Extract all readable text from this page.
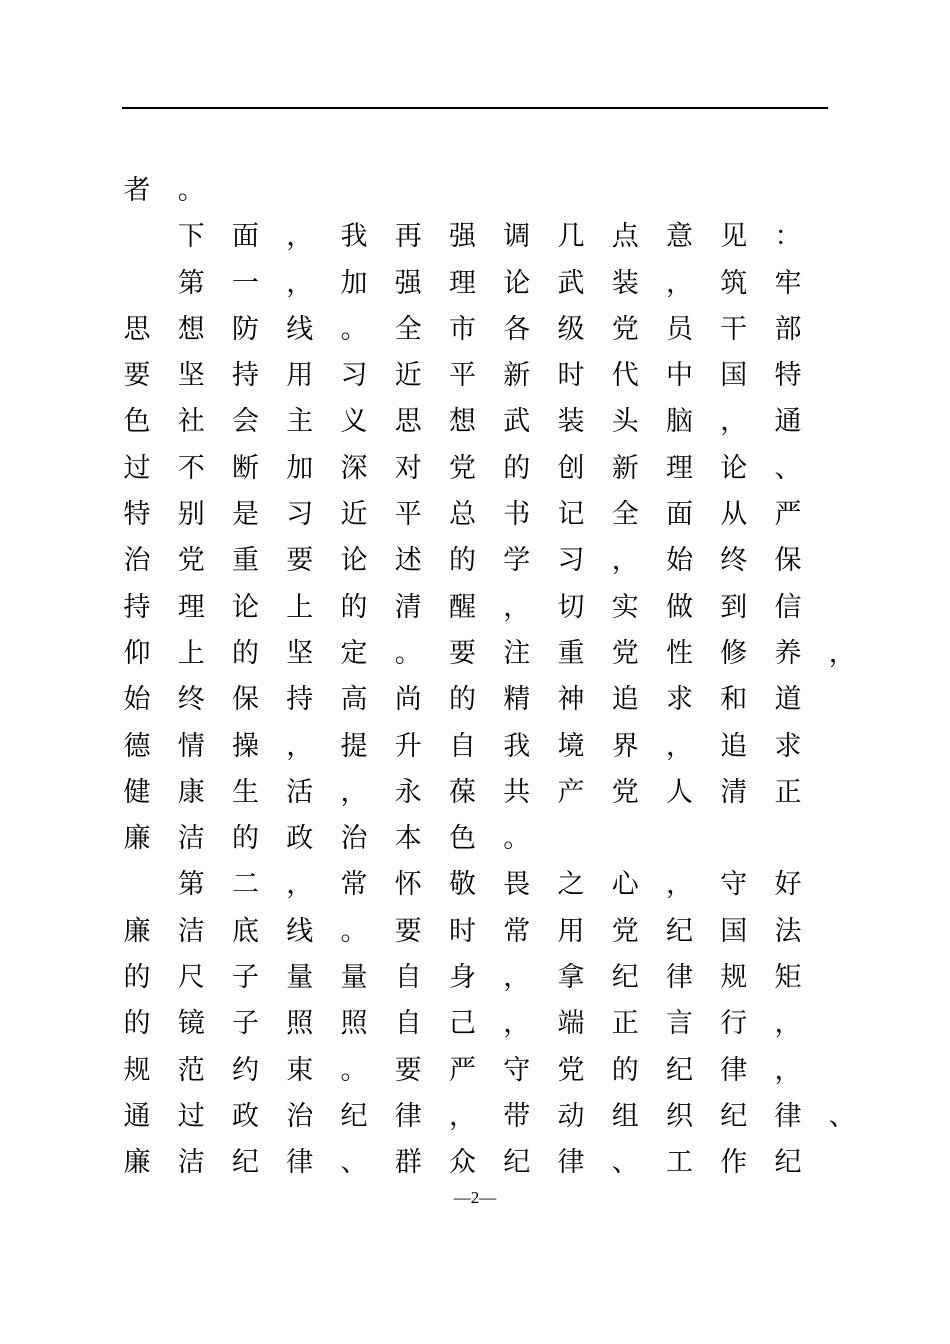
者 。
下 面 ， 我 再 强 调 几 点 意 见 ：
第 一 ， 加 强 理 论 武 装 ， 筑 牢
思 想 防 线 。 全 市 各 级 党 员 干 部
要 坚 持 用 习 近 平 新 时 代 中 国 特
色 社 会 主 义 思 想 武 装 头 脑 ， 通
过 不 断 加 深 对 党 的 创 新 理 论 、
特 别 是 习 近 平 总 书 记 全 面 从 严
治 党 重 要 论 述 的 学 习 ， 始 终 保
持 理 论 上 的 清 醒 ， 切 实 做 到 信
仰 上 的 坚 定 。 要 注 重 党 性 修 养 ，
始 终 保 持 高 尚 的 精 神 追 求 和 道
德 情 操 ， 提 升 自 我 境 界 ， 追 求
健 康 生 活 ， 永 葆 共 产 党 人 清 正
廉 洁 的 政 治 本 色 。
第 二 ， 常 怀 敬 畏 之 心 ， 守 好
廉 洁 底 线 。 要 时 常 用 党 纪 国 法
的 尺 子 量 量 自 身 ， 拿 纪 律 规 矩
的 镜 子 照 照 自 己 ， 端 正 言 行 ，
规 范 约 束 。 要 严 守 党 的 纪 律 ，
通 过 政 治 纪 律 ， 带 动 组 织 纪 律 、
廉 洁 纪 律 、 群 众 纪 律 、 工 作 纪
—2—
